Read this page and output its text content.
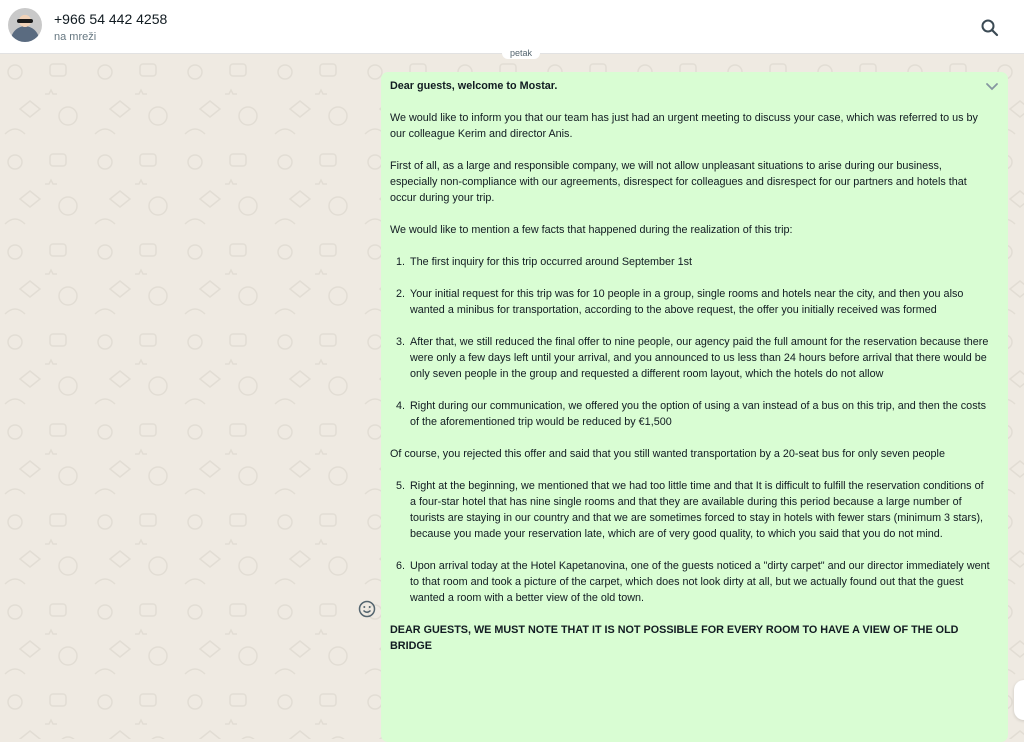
+966 54 442 4258
na mreži
petak

Dear guests, welcome to Mostar.

We would like to inform you that our team has just had an urgent meeting to discuss your case, which was referred to us by our colleague Kerim and director Anis.

First of all, as a large and responsible company, we will not allow unpleasant situations to arise during our business, especially non-compliance with our agreements, disrespect for colleagues and disrespect for our partners and hotels that occur during your trip.

We would like to mention a few facts that happened during the realization of this trip:

1. The first inquiry for this trip occurred around September 1st
2. Your initial request for this trip was for 10 people in a group, single rooms and hotels near the city, and then you also wanted a minibus for transportation, according to the above request, the offer you initially received was formed
3. After that, we still reduced the final offer to nine people, our agency paid the full amount for the reservation because there were only a few days left until your arrival, and you announced to us less than 24 hours before arrival that there would be only seven people in the group and requested a different room layout, which the hotels do not allow
4. Right during our communication, we offered you the option of using a van instead of a bus on this trip, and then the costs of the aforementioned trip would be reduced by €1,500

Of course, you rejected this offer and said that you still wanted transportation by a 20-seat bus for only seven people

5. Right at the beginning, we mentioned that we had too little time and that It is difficult to fulfill the reservation conditions of a four-star hotel that has nine single rooms and that they are available during this period because a large number of tourists are staying in our country and that we are sometimes forced to stay in hotels with fewer stars (minimum 3 stars), because you made your reservation late, which are of very good quality, to which you said that you do not mind.
6. Upon arrival today at the Hotel Kapetanovina, one of the guests noticed a "dirty carpet" and our director immediately went to that room and took a picture of the carpet, which does not look dirty at all, but we actually found out that the guest wanted a room with a better view of the old town.

DEAR GUESTS, WE MUST NOTE THAT IT IS NOT POSSIBLE FOR EVERY ROOM TO HAVE A VIEW OF THE OLD BRIDGE
